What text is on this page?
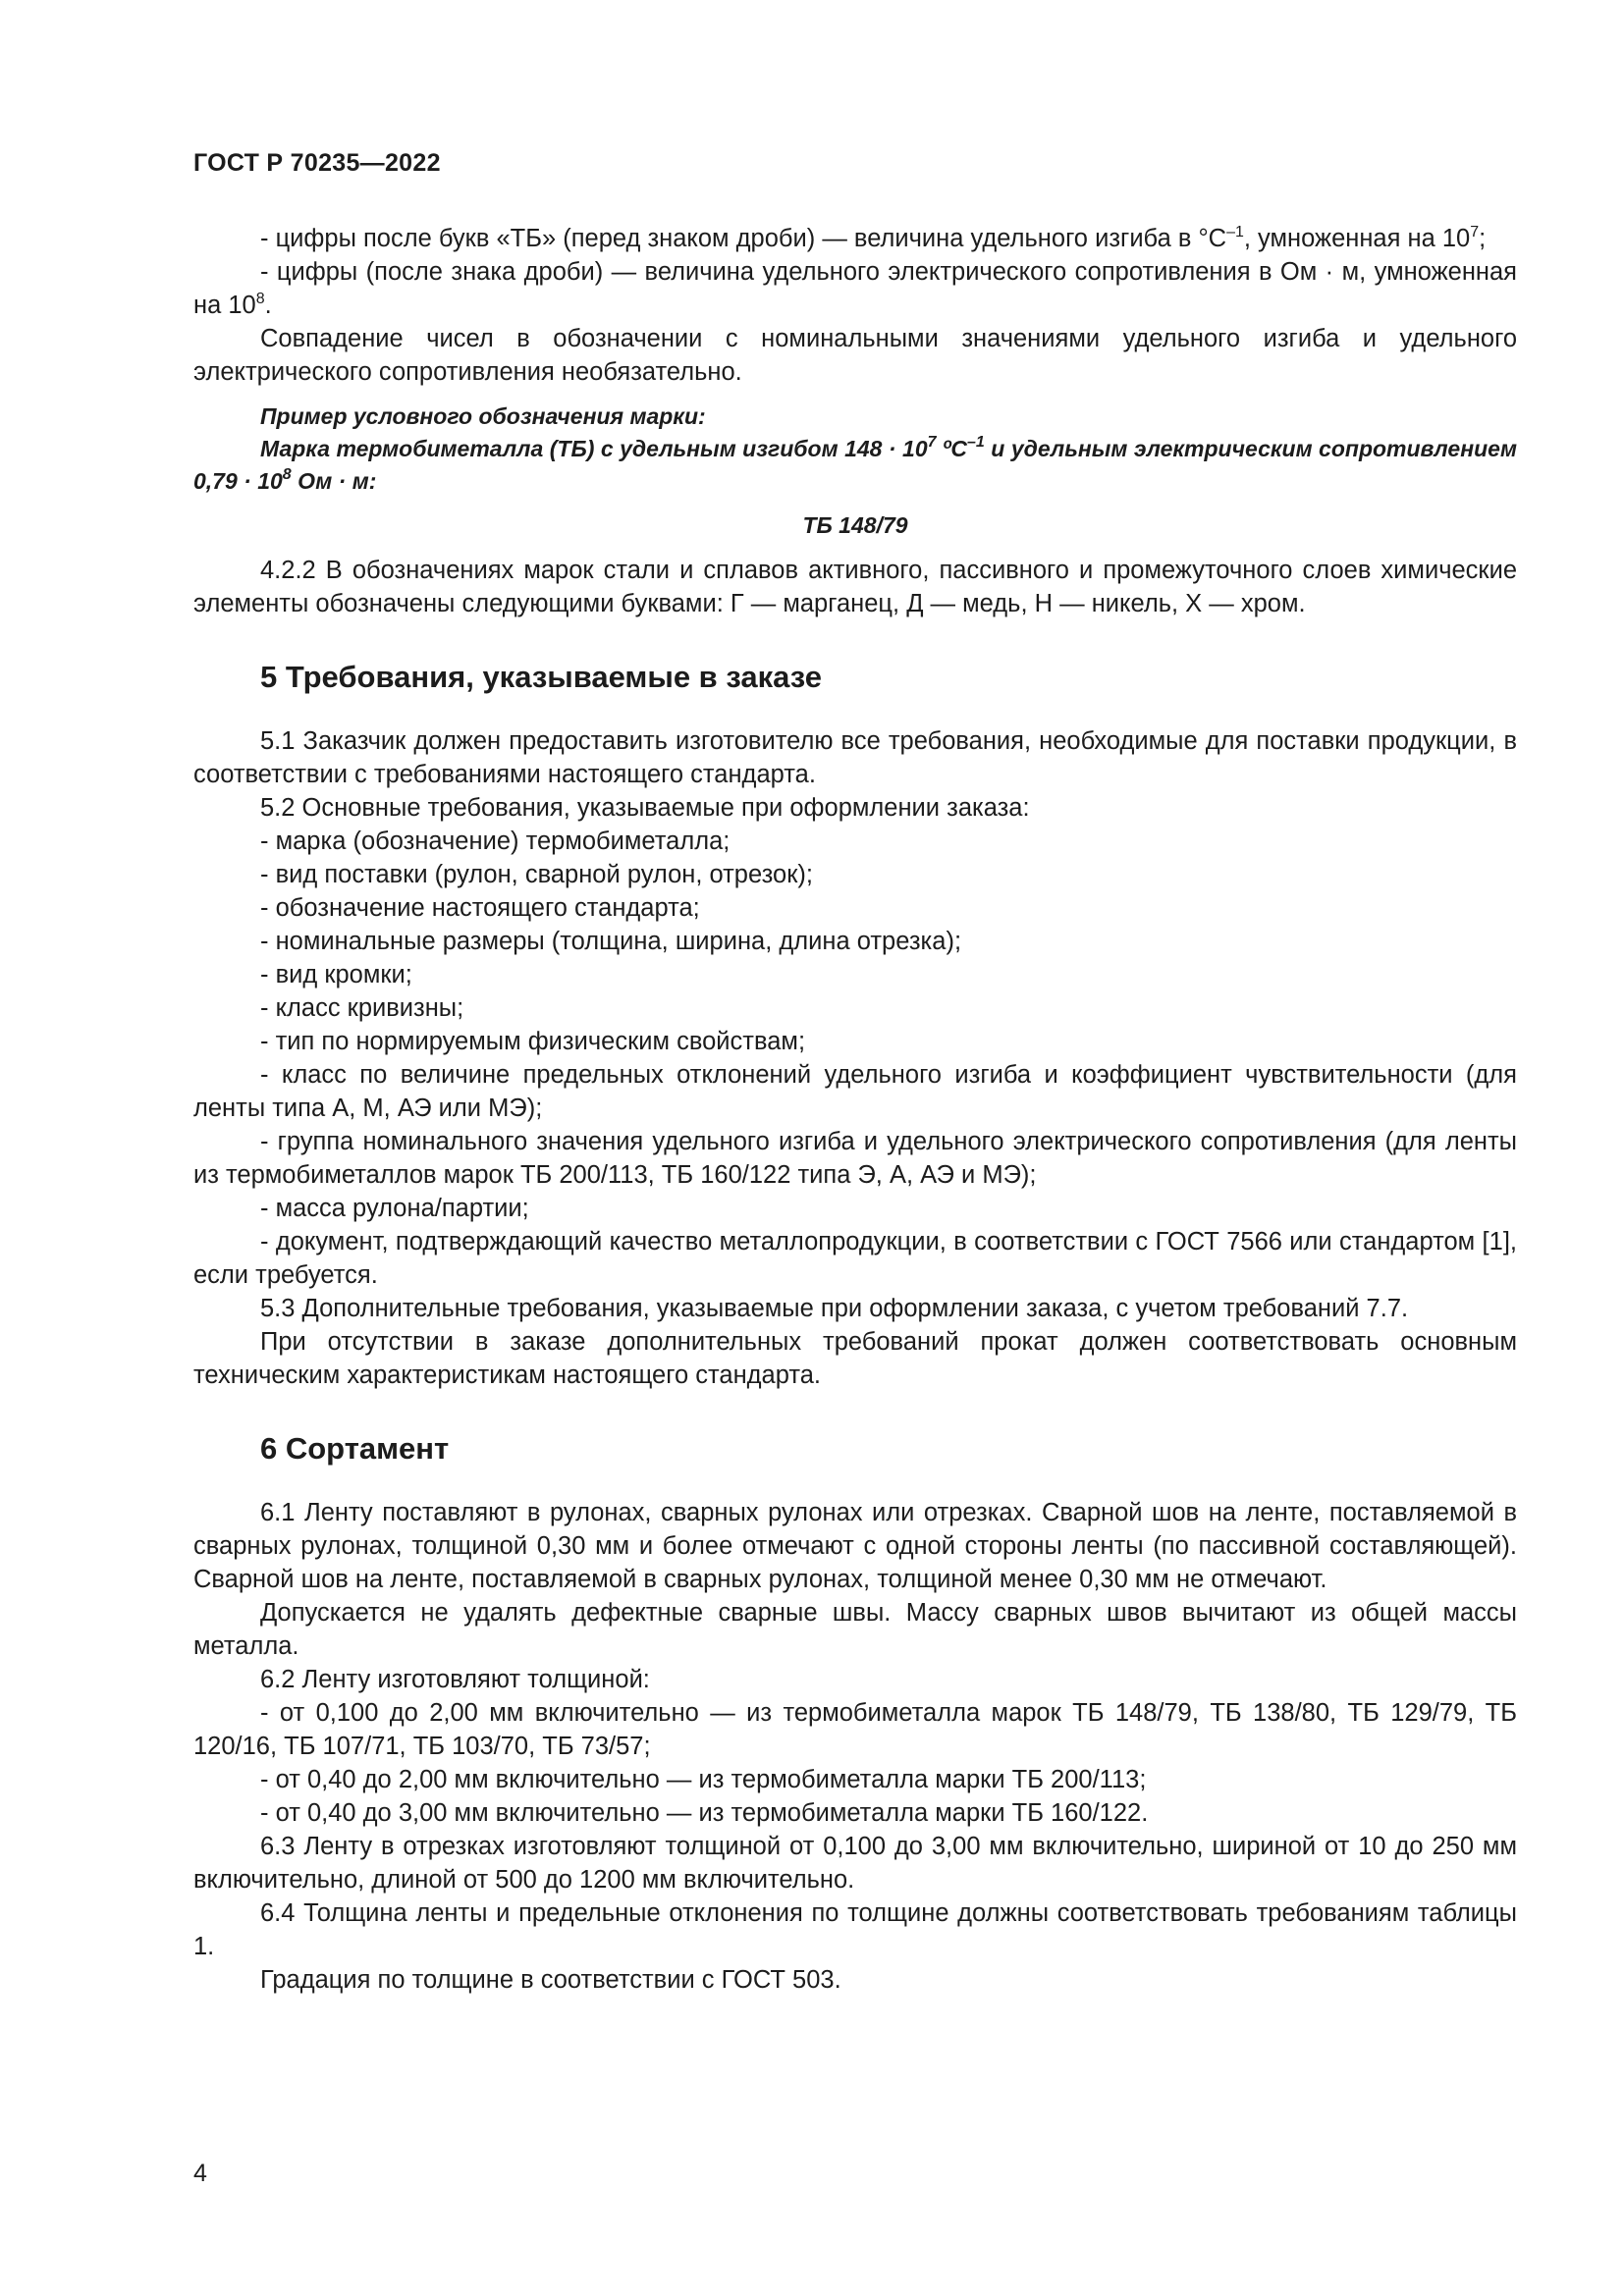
ГОСТ Р 70235—2022

- цифры после букв «ТБ» (перед знаком дроби) — величина удельного изгиба в $^\circ С^{-1}$, умноженная на $10^7$;

- цифры (после знака дроби) — величина удельного электрического сопротивления в Ом · м, умноженная на $10^8$.

Совпадение чисел в обозначении с номинальными значениями удельного изгиба и удельного электрического сопротивления необязательно.

Пример условного обозначения марки:

Марка термобиметалла (ТБ) с удельным изгибом $148 \cdot 10^7$ ºС$^{-1}$ и удельным электрическим сопротивлением $0,79 \cdot 10^8$ Ом · м:

ТБ 148/79

4.2.2 В обозначениях марок стали и сплавов активного, пассивного и промежуточного слоев химические элементы обозначены следующими буквами: Г — марганец, Д — медь, Н — никель, Х — хром.

5 Требования, указываемые в заказе

5.1 Заказчик должен предоставить изготовителю все требования, необходимые для поставки продукции, в соответствии с требованиями настоящего стандарта.

5.2 Основные требования, указываемые при оформлении заказа:

- марка (обозначение) термобиметалла;

- вид поставки (рулон, сварной рулон, отрезок);

- обозначение настоящего стандарта;

- номинальные размеры (толщина, ширина, длина отрезка);

- вид кромки;

- класс кривизны;

- тип по нормируемым физическим свойствам;

- класс по величине предельных отклонений удельного изгиба и коэффициент чувствительности (для ленты типа А, М, АЭ или МЭ);

- группа номинального значения удельного изгиба и удельного электрического сопротивления (для ленты из термобиметаллов марок ТБ 200/113, ТБ 160/122 типа Э, А, АЭ и МЭ);

- масса рулона/партии;

- документ, подтверждающий качество металлопродукции, в соответствии с ГОСТ 7566 или стандартом [1], если требуется.

5.3 Дополнительные требования, указываемые при оформлении заказа, с учетом требований 7.7.

При отсутствии в заказе дополнительных требований прокат должен соответствовать основным техническим характеристикам настоящего стандарта.

6 Сортамент

6.1 Ленту поставляют в рулонах, сварных рулонах или отрезках. Сварной шов на ленте, поставляемой в сварных рулонах, толщиной 0,30 мм и более отмечают с одной стороны ленты (по пассивной составляющей). Сварной шов на ленте, поставляемой в сварных рулонах, толщиной менее 0,30 мм не отмечают.

Допускается не удалять дефектные сварные швы. Массу сварных швов вычитают из общей массы металла.

6.2 Ленту изготовляют толщиной:

- от 0,100 до 2,00 мм включительно — из термобиметалла марок ТБ 148/79, ТБ 138/80, ТБ 129/79, ТБ 120/16, ТБ 107/71, ТБ 103/70, ТБ 73/57;

- от 0,40 до 2,00 мм включительно — из термобиметалла марки ТБ 200/113;

- от 0,40 до 3,00 мм включительно — из термобиметалла марки ТБ 160/122.

6.3 Ленту в отрезках изготовляют толщиной от 0,100 до 3,00 мм включительно, шириной от 10 до 250 мм включительно, длиной от 500 до 1200 мм включительно.

6.4 Толщина ленты и предельные отклонения по толщине должны соответствовать требованиям таблицы 1.

Градация по толщине в соответствии с ГОСТ 503.

4
